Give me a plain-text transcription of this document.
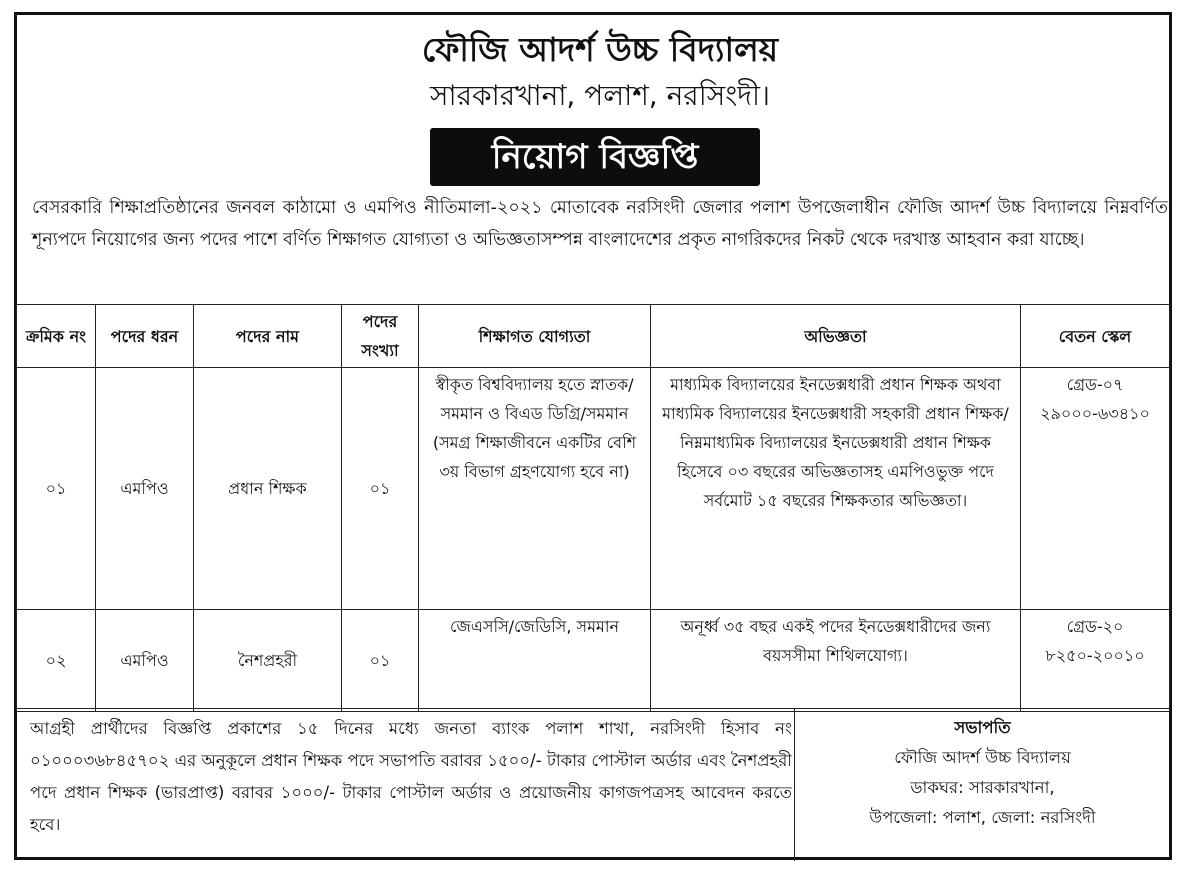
ফৌজি আদর্শ উচ্চ বিদ্যালয়
সারকারখানা, পলাশ, নরসিংদী।
নিয়োগ বিজ্ঞপ্তি
বেসরকারি শিক্ষাপ্রতিষ্ঠানের জনবল কাঠামো ও এমপিও নীতিমালা-২০২১ মোতাবেক নরসিংদী জেলার পলাশ উপজেলাধীন ফৌজি আদর্শ উচ্চ বিদ্যালয়ে নিম্নবর্ণিত শূন্যপদে নিয়োগের জন্য পদের পাশে বর্ণিত শিক্ষাগত যোগ্যতা ও অভিজ্ঞতাসম্পন্ন বাংলাদেশের প্রকৃত নাগরিকদের নিকট থেকে দরখাস্ত আহবান করা যাচ্ছে।
ক্রমিক নং	পদের ধরন	পদের নাম	পদের সংখ্যা	শিক্ষাগত যোগ্যতা	অভিজ্ঞতা	বেতন স্কেল
০১	এমপিও	প্রধান শিক্ষক	০১	স্বীকৃত বিশ্ববিদ্যালয় হতে স্নাতক/ সমমান ও বিএড ডিগ্রি/সমমান (সমগ্র শিক্ষাজীবনে একটির বেশি ৩য় বিভাগ গ্রহণযোগ্য হবে না)	মাধ্যমিক বিদ্যালয়ের ইনডেক্সধারী প্রধান শিক্ষক অথবা মাধ্যমিক বিদ্যালয়ের ইনডেক্সধারী সহকারী প্রধান শিক্ষক/ নিম্নমাধ্যমিক বিদ্যালয়ের ইনডেক্সধারী প্রধান শিক্ষক হিসেবে ০৩ বছরের অভিজ্ঞতাসহ এমপিওভুক্ত পদে সর্বমোট ১৫ বছরের শিক্ষকতার অভিজ্ঞতা।	গ্রেড-০৭ ২৯০০০-৬৩৪১০
০২	এমপিও	নৈশপ্রহরী	০১	জেএসসি/জেডিসি, সমমান	অনূর্ধ্ব ৩৫ বছর একই পদের ইনডেক্সধারীদের জন্য বয়সসীমা শিথিলযোগ্য।	গ্রেড-২০ ৮২৫০-২০০১০
আগ্রহী প্রার্থীদের বিজ্ঞপ্তি প্রকাশের ১৫ দিনের মধ্যে জনতা ব্যাংক পলাশ শাখা, নরসিংদী হিসাব নং ০১০০০৩৬৮৪৫৭০২ এর অনুকূলে প্রধান শিক্ষক পদে সভাপতি বরাবর ১৫০০/- টাকার পোস্টাল অর্ডার এবং নৈশপ্রহরী পদে প্রধান শিক্ষক (ভারপ্রাপ্ত) বরাবর ১০০০/- টাকার পোস্টাল অর্ডার ও প্রয়োজনীয় কাগজপত্রসহ আবেদন করতে হবে।
সভাপতি
ফৌজি আদর্শ উচ্চ বিদ্যালয়
ডাকঘর: সারকারখানা,
উপজেলা: পলাশ, জেলা: নরসিংদী
